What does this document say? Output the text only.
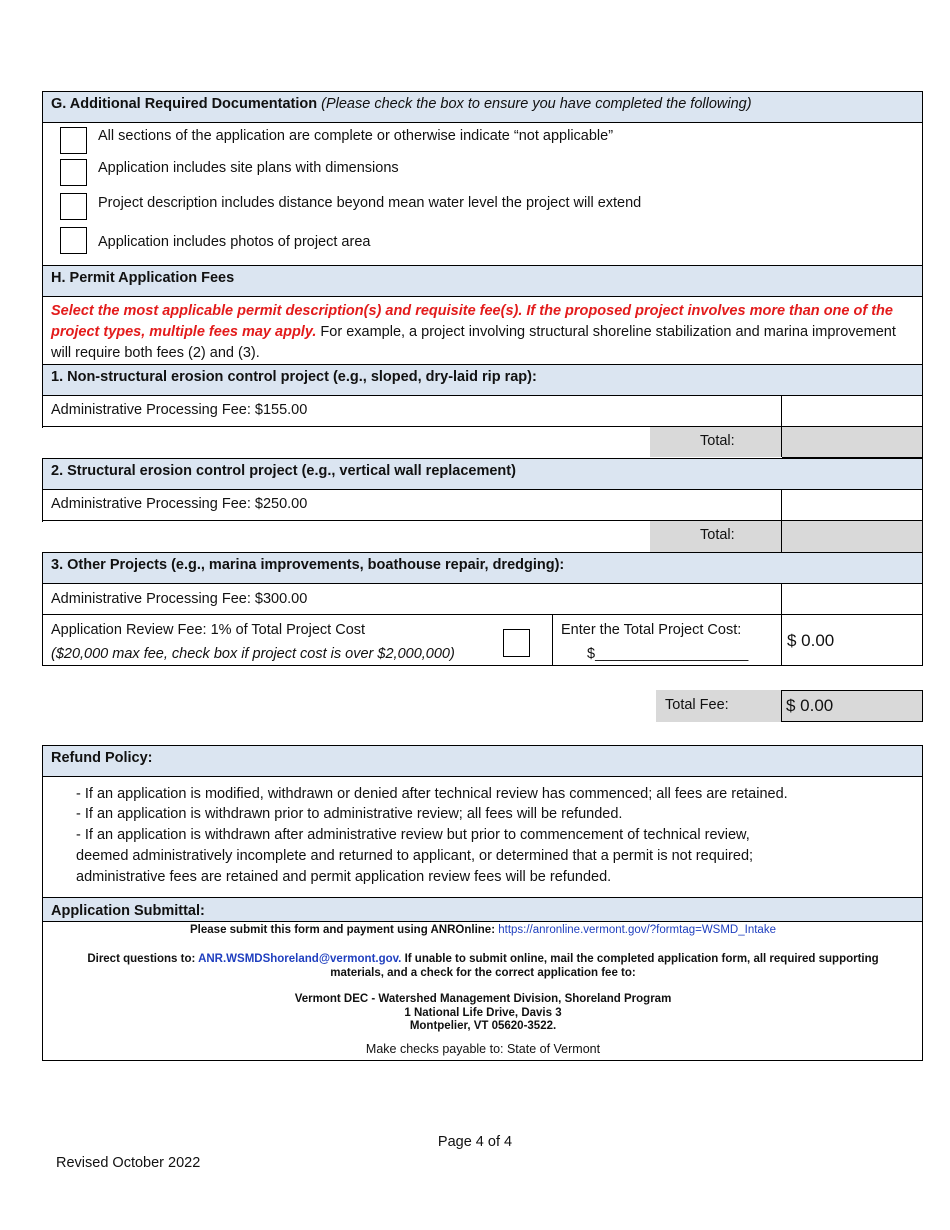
G. Additional Required Documentation (Please check the box to ensure you have completed the following)
All sections of the application are complete or otherwise indicate “not applicable”
Application includes site plans with dimensions
Project description includes distance beyond mean water level the project will extend
Application includes photos of project area
H. Permit Application Fees
Select the most applicable permit description(s) and requisite fee(s). If the proposed project involves more than one of the project types, multiple fees may apply. For example, a project involving structural shoreline stabilization and marina improvement will require both fees (2) and (3).
1. Non-structural erosion control project (e.g., sloped, dry-laid rip rap):
Administrative Processing Fee: $155.00
Total:
2. Structural erosion control project (e.g., vertical wall replacement)
Administrative Processing Fee: $250.00
Total:
3. Other Projects (e.g., marina improvements, boathouse repair, dredging):
Administrative Processing Fee: $300.00
Application Review Fee: 1% of Total Project Cost
($20,000 max fee, check box if project cost is over $2,000,000)
Enter the Total Project Cost:
$___________________
$ 0.00
Total Fee:	$ 0.00
Refund Policy:
- If an application is modified, withdrawn or denied after technical review has commenced; all fees are retained.
- If an application is withdrawn prior to administrative review; all fees will be refunded.
- If an application is withdrawn after administrative review but prior to commencement of technical review,
deemed administratively incomplete and returned to applicant, or determined that a permit is not required;
administrative fees are retained and permit application review fees will be refunded.
Application Submittal:
Please submit this form and payment using ANROnline: https://anronline.vermont.gov/?formtag=WSMD_Intake
Direct questions to: ANR.WSMDShoreland@vermont.gov. If unable to submit online, mail the completed application form, all required supporting
materials, and a check for the correct application fee to:
Vermont DEC - Watershed Management Division, Shoreland Program
1 National Life Drive, Davis 3
Montpelier, VT 05620-3522.
Make checks payable to: State of Vermont
Page 4 of 4
Revised October 2022
